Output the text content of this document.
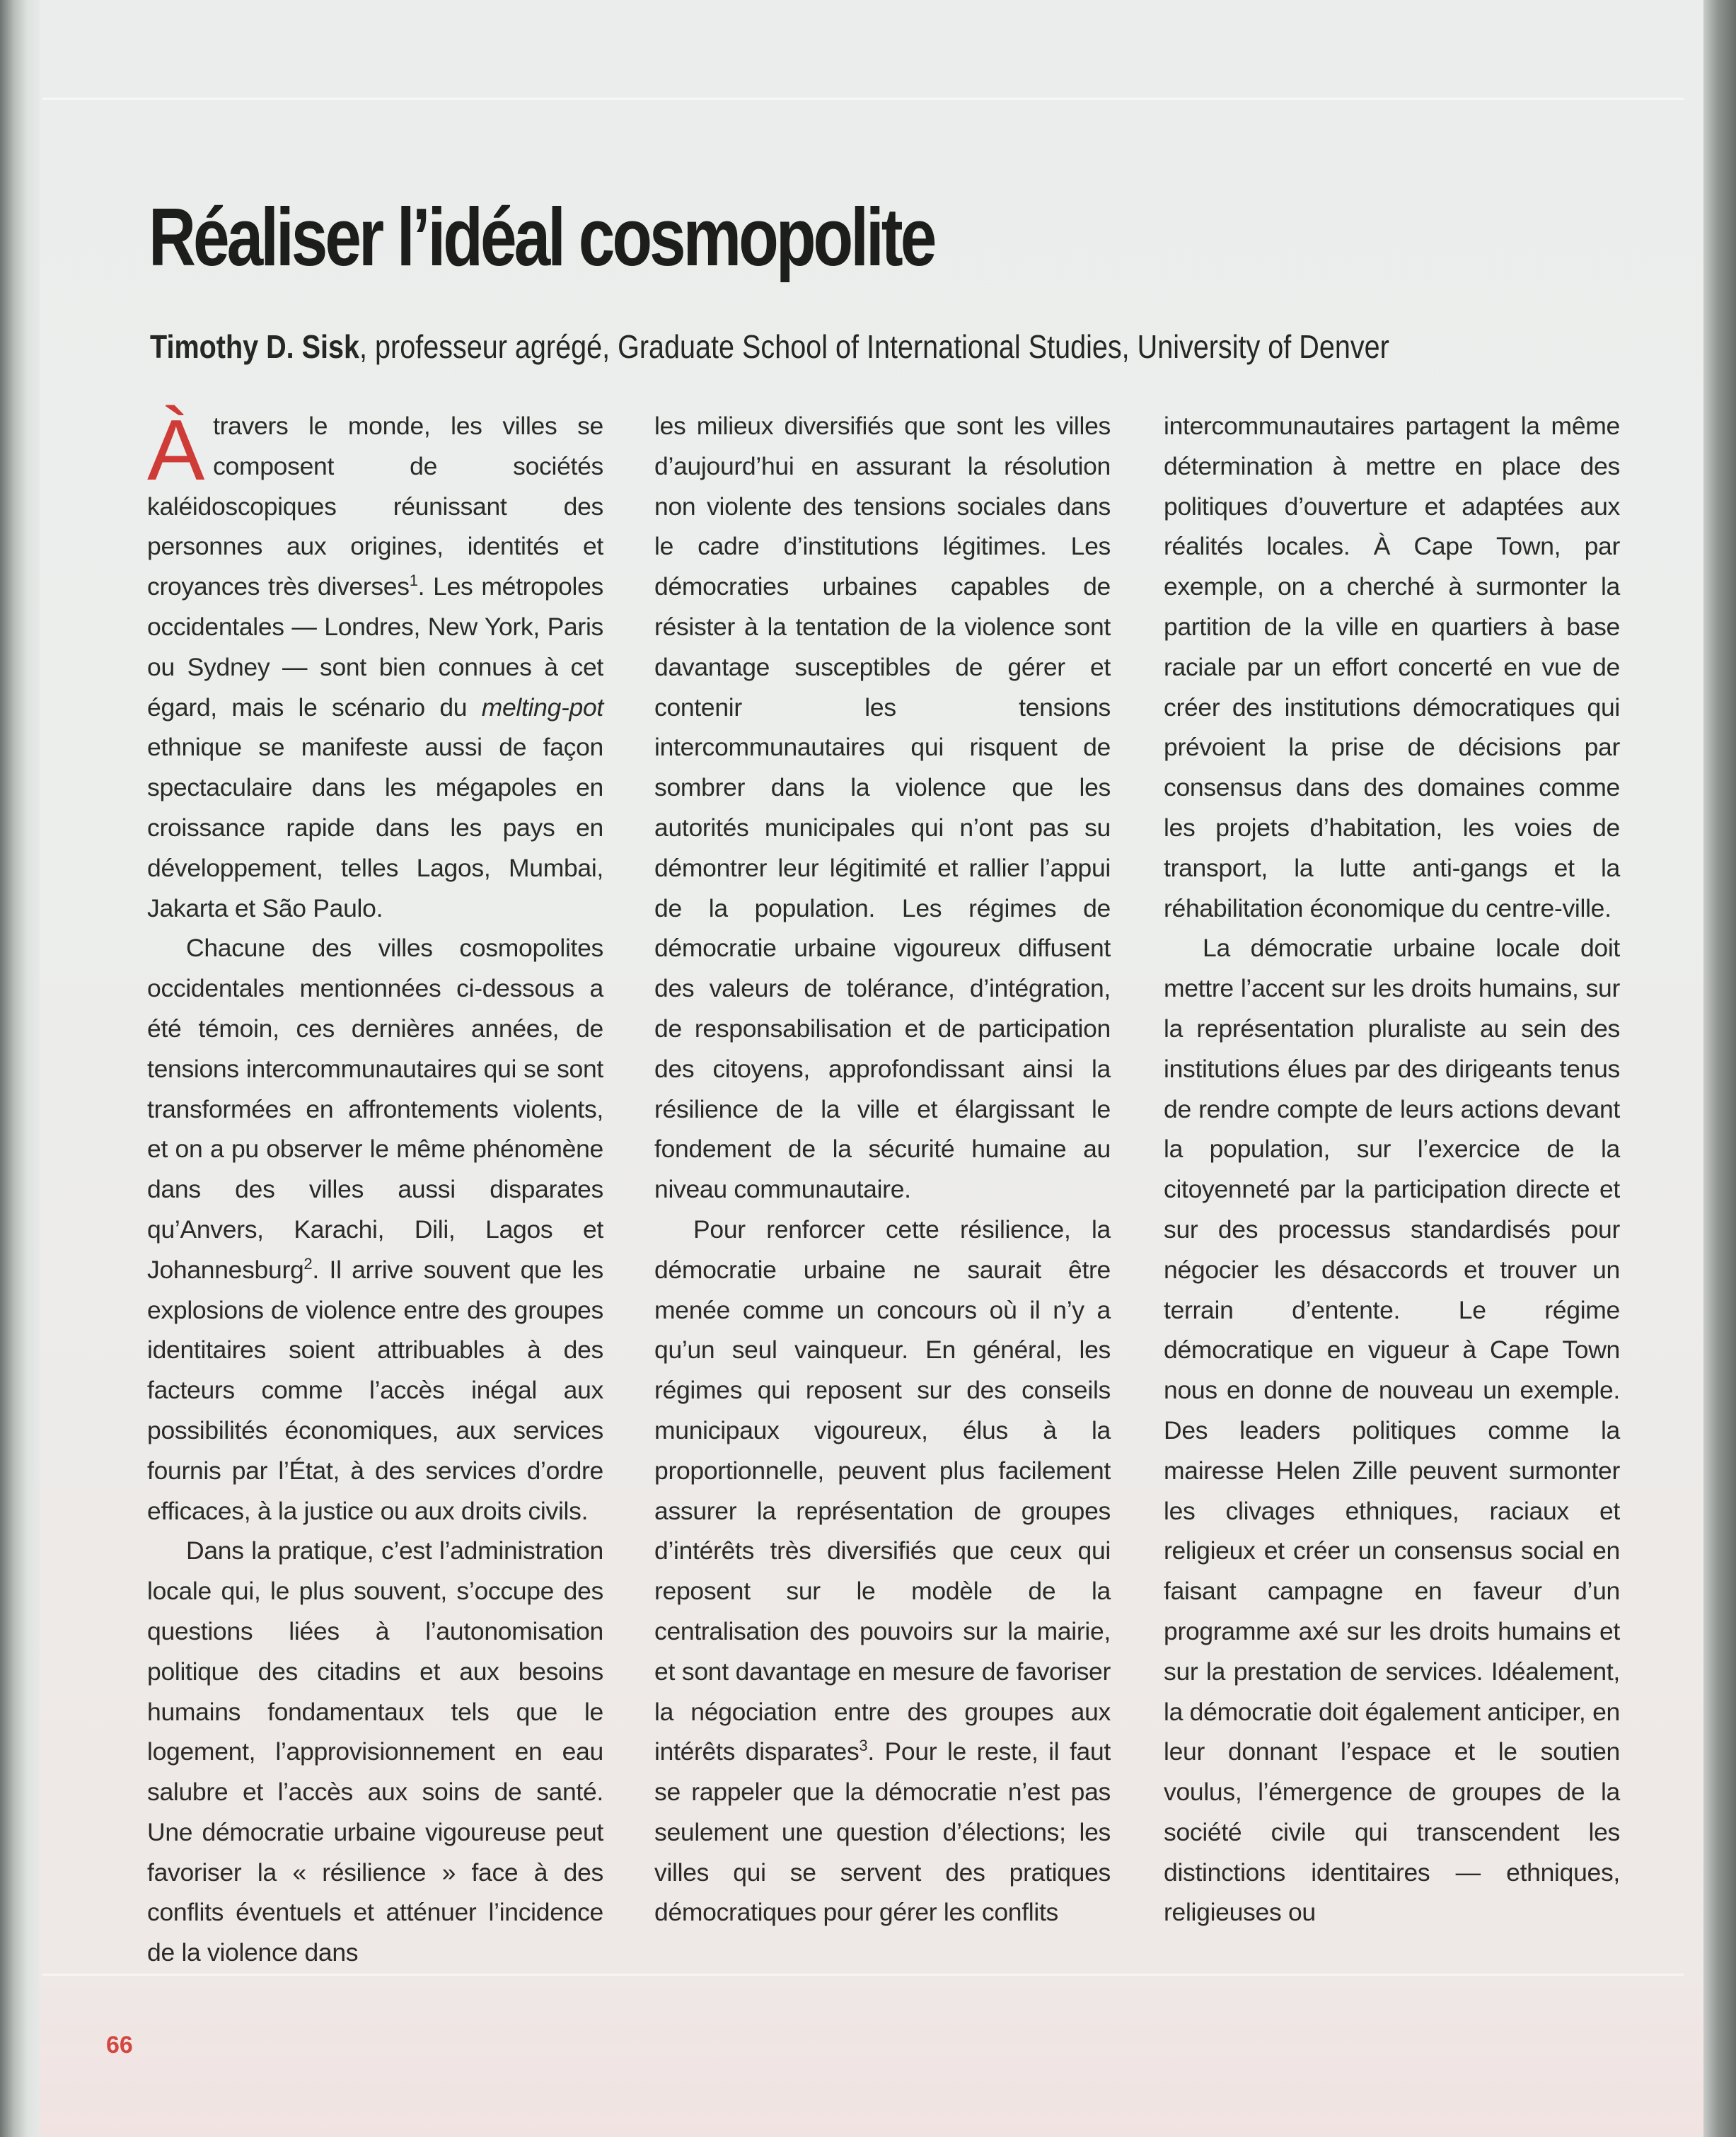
Réaliser l’idéal cosmopolite
Timothy D. Sisk, professeur agrégé, Graduate School of International Studies, University of Denver

Àtravers le monde, les villes se composent de sociétés kaléidoscopiques réunissant des personnes aux origines, identités et croyances très diverses$^1$. Les métropoles occidentales — Londres, New York, Paris ou Sydney — sont bien connues à cet égard, mais le scénario du melting-pot ethnique se manifeste aussi de façon spectaculaire dans les mégapoles en croissance rapide dans les pays en développement, telles Lagos, Mumbai, Jakarta et São Paulo.

Chacune des villes cosmopolites occidentales mentionnées ci-dessous a été témoin, ces dernières années, de tensions intercommunautaires qui se sont transformées en affrontements violents, et on a pu observer le même phénomène dans des villes aussi disparates qu’Anvers, Karachi, Dili, Lagos et Johannesburg$^2$. Il arrive souvent que les explosions de violence entre des groupes identitaires soient attribuables à des facteurs comme l’accès inégal aux possibilités économiques, aux services fournis par l’État, à des services d’ordre efficaces, à la justice ou aux droits civils.

Dans la pratique, c’est l’administration locale qui, le plus souvent, s’occupe des questions liées à l’autonomisation politique des citadins et aux besoins humains fondamentaux tels que le logement, l’approvisionnement en eau salubre et l’accès aux soins de santé. Une démocratie urbaine vigoureuse peut favoriser la « résilience » face à des conflits éventuels et atténuer l’incidence de la violence dans

les milieux diversifiés que sont les villes d’aujourd’hui en assurant la résolution non violente des tensions sociales dans le cadre d’institutions légitimes. Les démocraties urbaines capables de résister à la tentation de la violence sont davantage susceptibles de gérer et contenir les tensions intercommunautaires qui risquent de sombrer dans la violence que les autorités municipales qui n’ont pas su démontrer leur légitimité et rallier l’appui de la population. Les régimes de démocratie urbaine vigoureux diffusent des valeurs de tolérance, d’intégration, de responsabilisation et de participation des citoyens, approfondissant ainsi la résilience de la ville et élargissant le fondement de la sécurité humaine au niveau communautaire.

Pour renforcer cette résilience, la démocratie urbaine ne saurait être menée comme un concours où il n’y a qu’un seul vainqueur. En général, les régimes qui reposent sur des conseils municipaux vigoureux, élus à la proportionnelle, peuvent plus facilement assurer la représentation de groupes d’intérêts très diversifiés que ceux qui reposent sur le modèle de la centralisation des pouvoirs sur la mairie, et sont davantage en mesure de favoriser la négociation entre des groupes aux intérêts disparates$^3$. Pour le reste, il faut se rappeler que la démocratie n’est pas seulement une question d’élections; les villes qui se servent des pratiques démocratiques pour gérer les conflits

intercommunautaires partagent la même détermination à mettre en place des politiques d’ouverture et adaptées aux réalités locales. À Cape Town, par exemple, on a cherché à surmonter la partition de la ville en quartiers à base raciale par un effort concerté en vue de créer des institutions démocratiques qui prévoient la prise de décisions par consensus dans des domaines comme les projets d’habitation, les voies de transport, la lutte anti-gangs et la réhabilitation économique du centre-ville.

La démocratie urbaine locale doit mettre l’accent sur les droits humains, sur la représentation pluraliste au sein des institutions élues par des dirigeants tenus de rendre compte de leurs actions devant la population, sur l’exercice de la citoyenneté par la participation directe et sur des processus standardisés pour négocier les désaccords et trouver un terrain d’entente. Le régime démocratique en vigueur à Cape Town nous en donne de nouveau un exemple. Des leaders politiques comme la mairesse Helen Zille peuvent surmonter les clivages ethniques, raciaux et religieux et créer un consensus social en faisant campagne en faveur d’un programme axé sur les droits humains et sur la prestation de services. Idéalement, la démocratie doit également anticiper, en leur donnant l’espace et le soutien voulus, l’émergence de groupes de la société civile qui transcendent les distinctions identitaires — ethniques, religieuses ou

66
